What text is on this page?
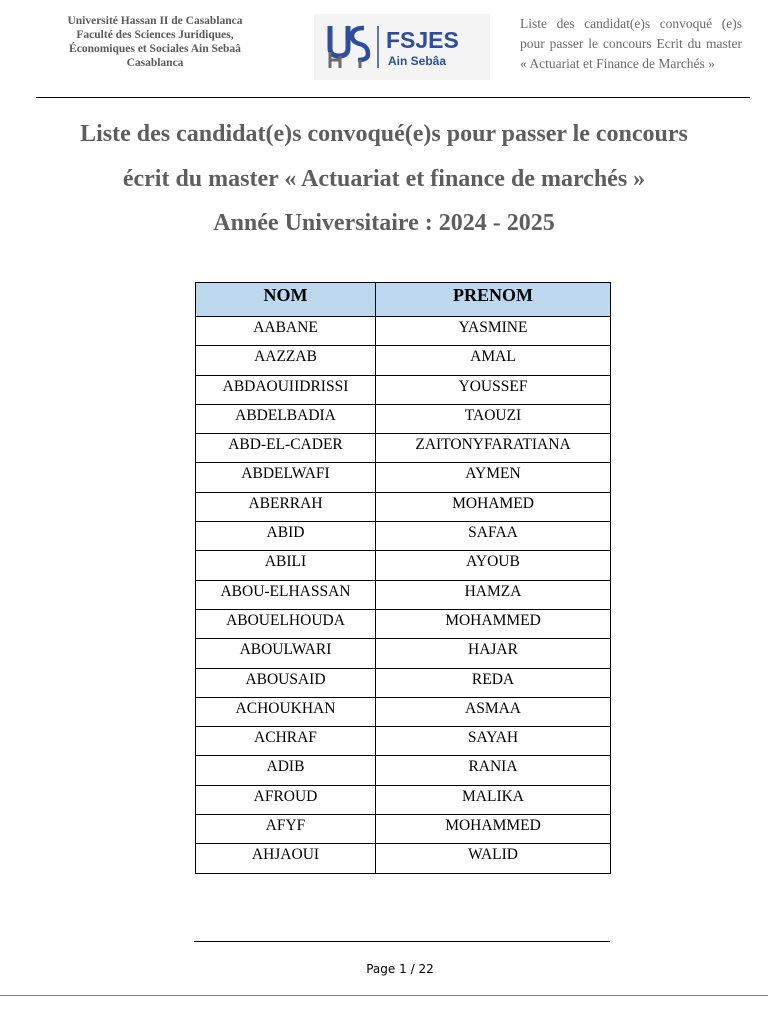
Université Hassan II de Casablanca
Faculté des Sciences Juridiques,
Économiques et Sociales Ain Sebaâ
Casablanca
FSJES
Ain Sebâa
Liste des candidat(e)s convoqué (e)s pour passer le concours Ecrit du master « Actuariat et Finance de Marchés »
Liste des candidat(e)s convoqué(e)s pour passer le concours
écrit du master « Actuariat et finance de marchés »
Année Universitaire : 2024 - 2025
NOM	PRENOM
AABANE	YASMINE
AAZZAB	AMAL
ABDAOUIIDRISSI	YOUSSEF
ABDELBADIA	TAOUZI
ABD-EL-CADER	ZAITONYFARATIANA
ABDELWAFI	AYMEN
ABERRAH	MOHAMED
ABID	SAFAA
ABILI	AYOUB
ABOU-ELHASSAN	HAMZA
ABOUELHOUDA	MOHAMMED
ABOULWARI	HAJAR
ABOUSAID	REDA
ACHOUKHAN	ASMAA
ACHRAF	SAYAH
ADIB	RANIA
AFROUD	MALIKA
AFYF	MOHAMMED
AHJAOUI	WALID
Page 1 / 22
